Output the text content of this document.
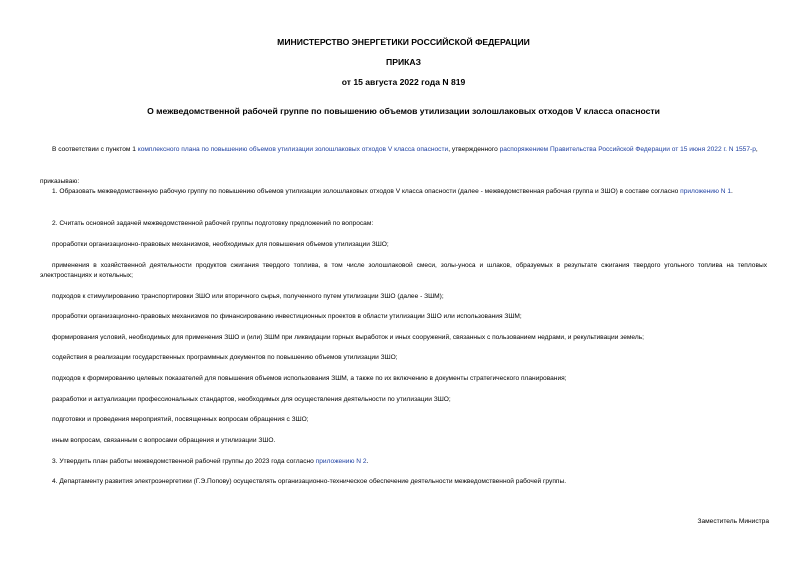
МИНИСТЕРСТВО ЭНЕРГЕТИКИ РОССИЙСКОЙ ФЕДЕРАЦИИ
ПРИКАЗ
от 15 августа 2022 года N 819
О межведомственной рабочей группе по повышению объемов утилизации золошлаковых отходов V класса опасности
В соответствии с пунктом 1 комплексного плана по повышению объемов утилизации золошлаковых отходов V класса опасности, утвержденного распоряжением Правительства Российской Федерации от 15 июня 2022 г. N 1557-р,
приказываю:
1. Образовать межведомственную рабочую группу по повышению объемов утилизации золошлаковых отходов V класса опасности (далее - межведомственная рабочая группа и ЗШО) в составе согласно приложению N 1.
2. Считать основной задачей межведомственной рабочей группы подготовку предложений по вопросам:
проработки организационно-правовых механизмов, необходимых для повышения объемов утилизации ЗШО;
применения в хозяйственной деятельности продуктов сжигания твердого топлива, в том числе золошлаковой смеси, золы-уноса и шлаков, образуемых в результате сжигания твердого угольного топлива на тепловых электростанциях и котельных;
подходов к стимулированию транспортировки ЗШО или вторичного сырья, полученного путем утилизации ЗШО (далее - ЗШМ);
проработки организационно-правовых механизмов по финансированию инвестиционных проектов в области утилизации ЗШО или использования ЗШМ;
формирования условий, необходимых для применения ЗШО и (или) ЗШМ при ликвидации горных выработок и иных сооружений, связанных с пользованием недрами, и рекультивации земель;
содействия в реализации государственных программных документов по повышению объемов утилизации ЗШО;
подходов к формированию целевых показателей для повышения объемов использования ЗШМ, а также по их включению в документы стратегического планирования;
разработки и актуализации профессиональных стандартов, необходимых для осуществления деятельности по утилизации ЗШО;
подготовки и проведения мероприятий, посвященных вопросам обращения с ЗШО;
иным вопросам, связанным с вопросами обращения и утилизации ЗШО.
3. Утвердить план работы межведомственной рабочей группы до 2023 года согласно приложению N 2.
4. Департаменту развития электроэнергетики (Г.Э.Попову) осуществлять организационно-техническое обеспечение деятельности межведомственной рабочей группы.
Заместитель Министра
